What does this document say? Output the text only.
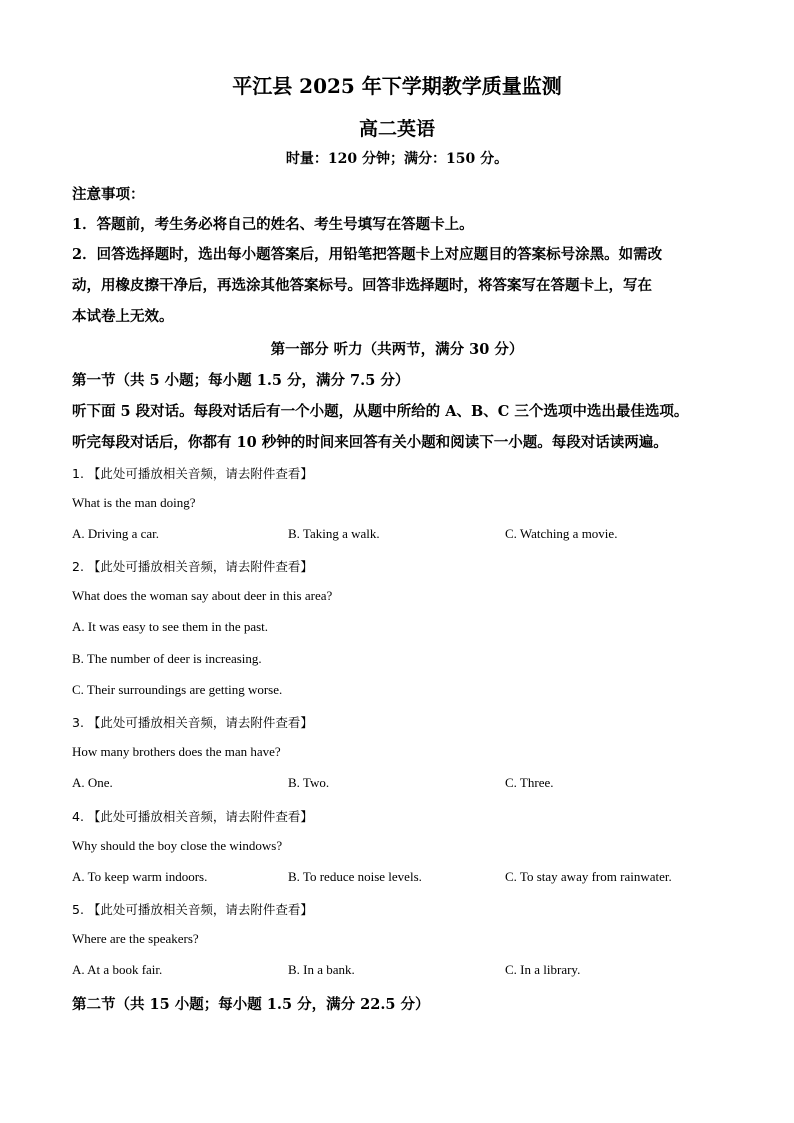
平江县 2025 年下学期教学质量监测
高二英语
时量：120 分钟；满分：150 分。
注意事项：
1．答题前，考生务必将自己的姓名、考生号填写在答题卡上。
2．回答选择题时，选出每小题答案后，用铅笔把答题卡上对应题目的答案标号涂黑。如需改
动，用橡皮擦干净后，再选涂其他答案标号。回答非选择题时，将答案写在答题卡上，写在
本试卷上无效。
第一部分 听力（共两节，满分 30 分）
第一节（共 5 小题；每小题 1.5 分，满分 7.5 分）
听下面 5 段对话。每段对话后有一个小题，从题中所给的 A、B、C 三个选项中选出最佳选项。
听完每段对话后，你都有 10 秒钟的时间来回答有关小题和阅读下一小题。每段对话读两遍。
1. 【此处可播放相关音频，请去附件查看】
What is the man doing?
A. Driving a car.	B. Taking a walk.	C. Watching a movie.
2. 【此处可播放相关音频，请去附件查看】
What does the woman say about deer in this area?
A. It was easy to see them in the past.
B. The number of deer is increasing.
C. Their surroundings are getting worse.
3. 【此处可播放相关音频，请去附件查看】
How many brothers does the man have?
A. One.	B. Two.	C. Three.
4. 【此处可播放相关音频，请去附件查看】
Why should the boy close the windows?
A. To keep warm indoors.	B. To reduce noise levels.	C. To stay away from rainwater.
5. 【此处可播放相关音频，请去附件查看】
Where are the speakers?
A. At a book fair.	B. In a bank.	C. In a library.
第二节（共 15 小题；每小题 1.5 分，满分 22.5 分）
